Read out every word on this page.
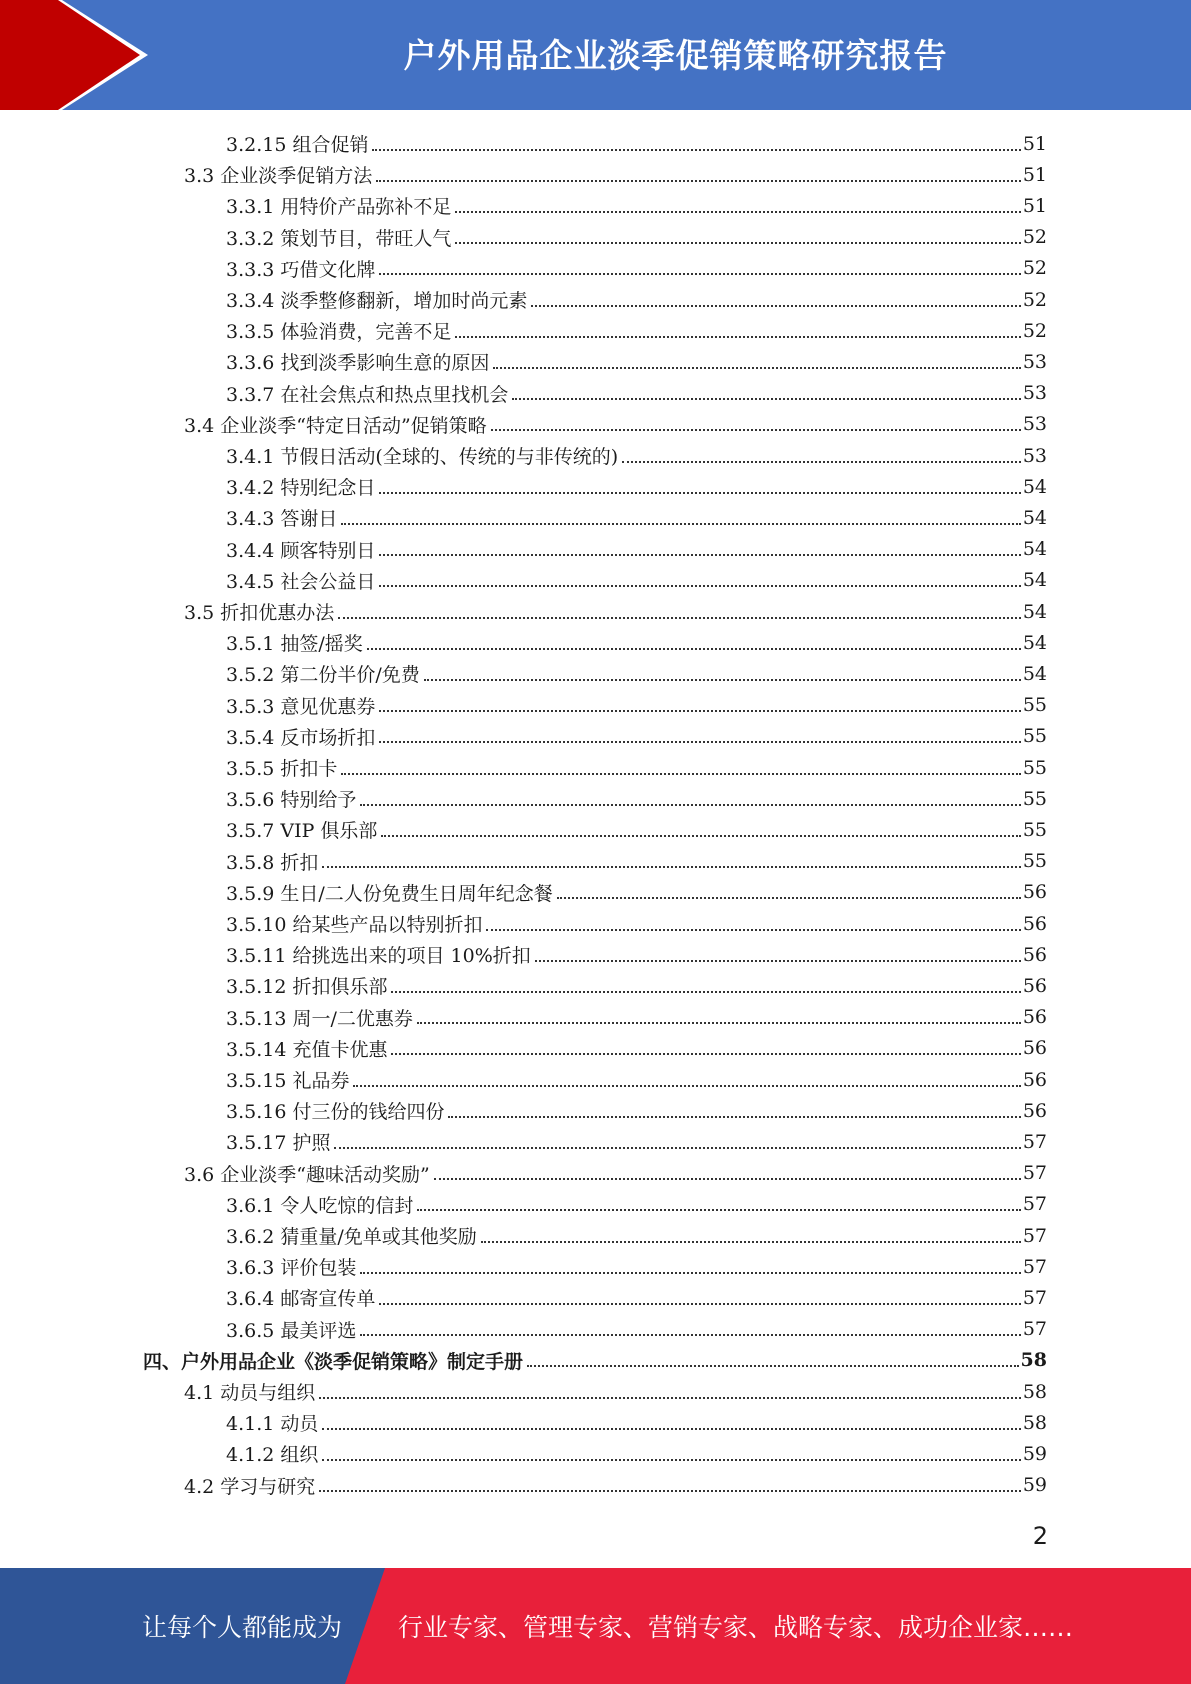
户外用品企业淡季促销策略研究报告
3.2.15 组合促销	51
3.3 企业淡季促销方法	51
3.3.1 用特价产品弥补不足	51
3.3.2 策划节目，带旺人气	52
3.3.3 巧借文化牌	52
3.3.4 淡季整修翻新，增加时尚元素	52
3.3.5 体验消费，完善不足	52
3.3.6 找到淡季影响生意的原因	53
3.3.7 在社会焦点和热点里找机会	53
3.4 企业淡季“特定日活动”促销策略	53
3.4.1 节假日活动(全球的、传统的与非传统的)	53
3.4.2 特别纪念日	54
3.4.3 答谢日	54
3.4.4 顾客特别日	54
3.4.5 社会公益日	54
3.5 折扣优惠办法	54
3.5.1 抽签/摇奖	54
3.5.2 第二份半价/免费	54
3.5.3 意见优惠券	55
3.5.4 反市场折扣	55
3.5.5 折扣卡	55
3.5.6 特别给予	55
3.5.7 VIP 俱乐部	55
3.5.8 折扣	55
3.5.9 生日/二人份免费生日周年纪念餐	56
3.5.10 给某些产品以特别折扣	56
3.5.11 给挑选出来的项目 10%折扣	56
3.5.12 折扣俱乐部	56
3.5.13 周一/二优惠券	56
3.5.14 充值卡优惠	56
3.5.15 礼品券	56
3.5.16 付三份的钱给四份	56
3.5.17 护照	57
3.6 企业淡季“趣味活动奖励”	57
3.6.1 令人吃惊的信封	57
3.6.2 猜重量/免单或其他奖励	57
3.6.3 评价包装	57
3.6.4 邮寄宣传单	57
3.6.5 最美评选	57
四、户外用品企业《淡季促销策略》制定手册	58
4.1 动员与组织	58
4.1.1 动员	58
4.1.2 组织	59
4.2 学习与研究	59
2
让每个人都能成为 行业专家、管理专家、营销专家、战略专家、成功企业家……
